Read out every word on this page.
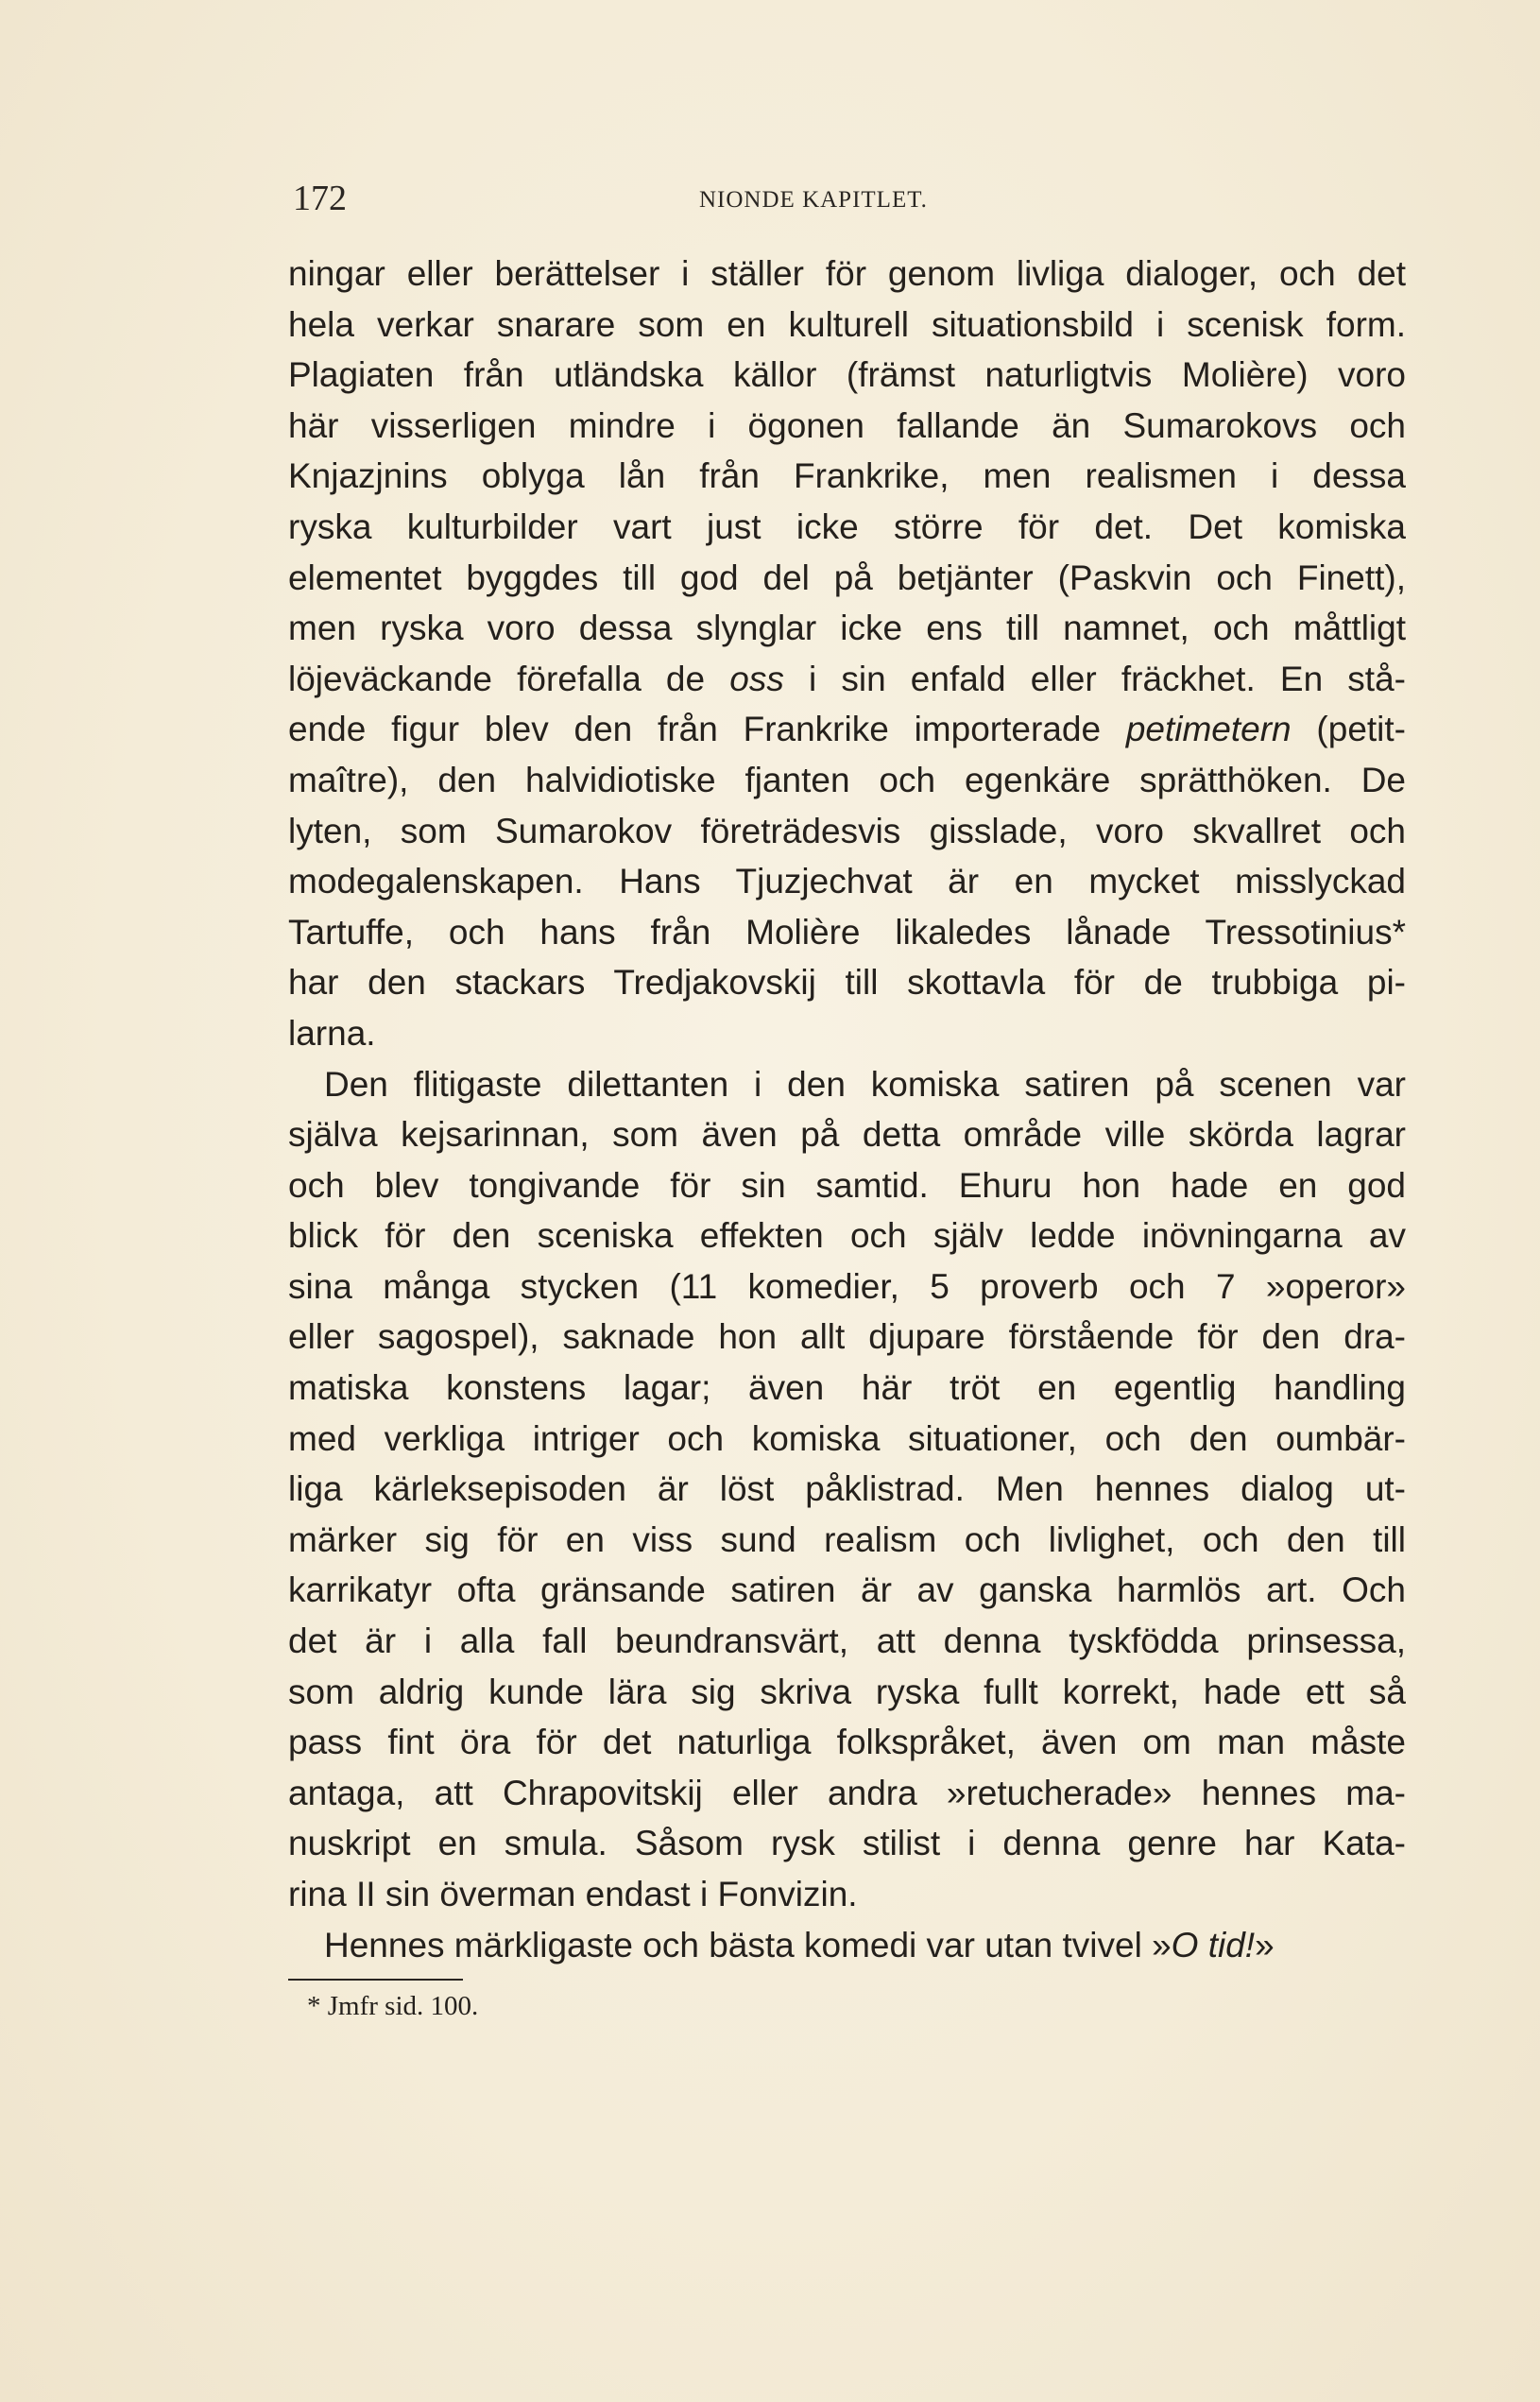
172	NIONDE KAPITLET.
ningar eller berättelser i ställer för genom livliga dialoger, och det
hela verkar snarare som en kulturell situationsbild i scenisk form.
Plagiaten från utländska källor (främst naturligtvis Molière) voro
här visserligen mindre i ögonen fallande än Sumarokovs och
Knjazjnins oblyga lån från Frankrike, men realismen i dessa
ryska kulturbilder vart just icke större för det. Det komiska
elementet byggdes till god del på betjänter (Paskvin och Finett),
men ryska voro dessa slynglar icke ens till namnet, och måttligt
löjeväckande förefalla de oss i sin enfald eller fräckhet. En stå-
ende figur blev den från Frankrike importerade petimetern (petit-
maître), den halvidiotiske fjanten och egenkäre sprätthöken. De
lyten, som Sumarokov företrädesvis gisslade, voro skvallret och
modegalenskapen. Hans Tjuzjechvat är en mycket misslyckad
Tartuffe, och hans från Molière likaledes lånade Tressotinius*
har den stackars Tredjakovskij till skottavla för de trubbiga pi-
larna.
Den flitigaste dilettanten i den komiska satiren på scenen var
själva kejsarinnan, som även på detta område ville skörda lagrar
och blev tongivande för sin samtid. Ehuru hon hade en god
blick för den sceniska effekten och själv ledde inövningarna av
sina många stycken (11 komedier, 5 proverb och 7 »operor»
eller sagospel), saknade hon allt djupare förstående för den dra-
matiska konstens lagar; även här tröt en egentlig handling
med verkliga intriger och komiska situationer, och den oumbär-
liga kärleksepisoden är löst påklistrad. Men hennes dialog ut-
märker sig för en viss sund realism och livlighet, och den till
karrikatyr ofta gränsande satiren är av ganska harmlös art. Och
det är i alla fall beundransvärt, att denna tyskfödda prinsessa,
som aldrig kunde lära sig skriva ryska fullt korrekt, hade ett så
pass fint öra för det naturliga folkspråket, även om man måste
antaga, att Chrapovitskij eller andra »retucherade» hennes ma-
nuskript en smula. Såsom rysk stilist i denna genre har Kata-
rina II sin överman endast i Fonvizin.
Hennes märkligaste och bästa komedi var utan tvivel »O tid!»
* Jmfr sid. 100.
